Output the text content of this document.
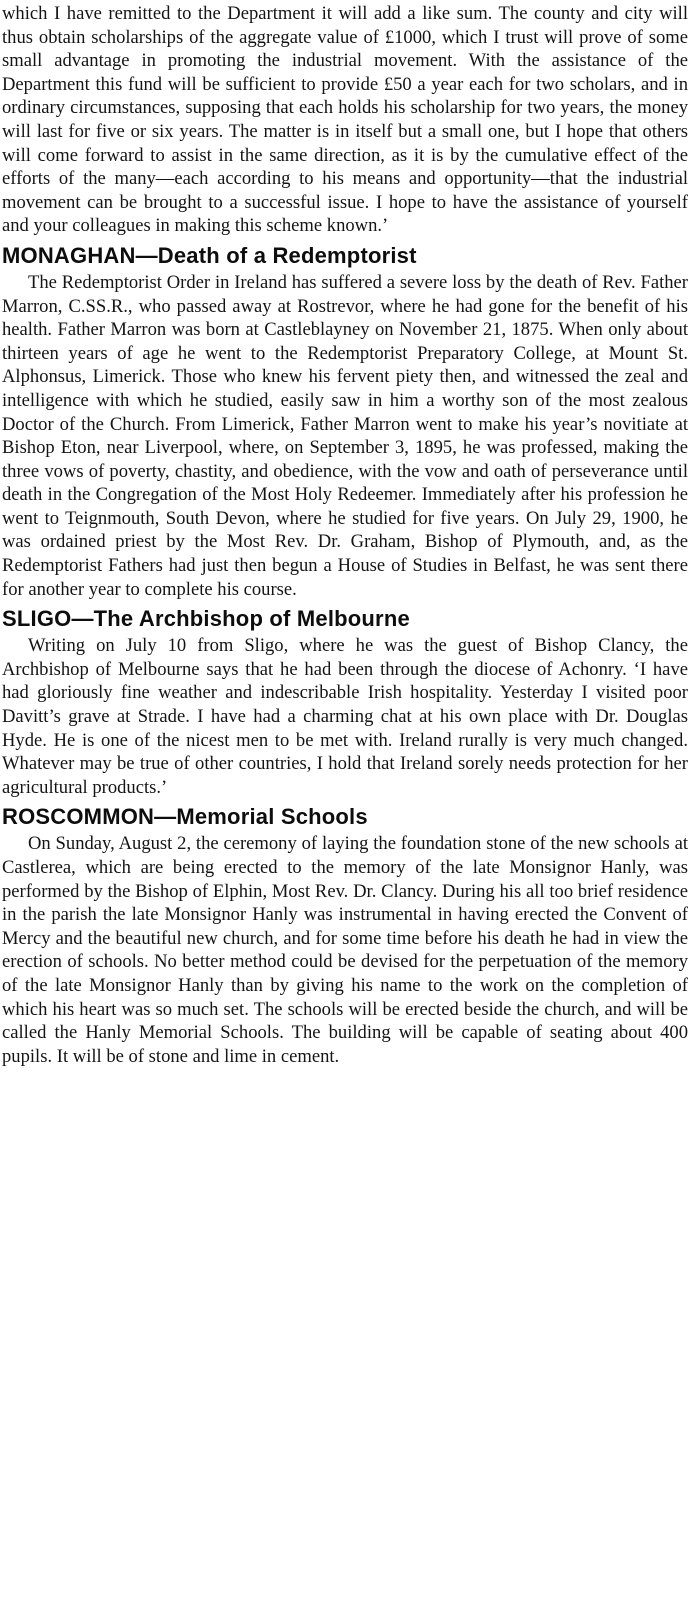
which I have remitted to the Department it will add a like sum. The county and city will thus obtain scholarships of the aggregate value of £1000, which I trust will prove of some small advantage in promoting the industrial movement. With the assistance of the Department this fund will be sufficient to provide £50 a year each for two scholars, and in ordinary circumstances, supposing that each holds his scholarship for two years, the money will last for five or six years. The matter is in itself but a small one, but I hope that others will come forward to assist in the same direction, as it is by the cumulative effect of the efforts of the many—each according to his means and opportunity—that the industrial movement can be brought to a successful issue. I hope to have the assistance of yourself and your colleagues in making this scheme known.’

MONAGHAN—Death of a Redemptorist

The Redemptorist Order in Ireland has suffered a severe loss by the death of Rev. Father Marron, C.SS.R., who passed away at Rostrevor, where he had gone for the benefit of his health. Father Marron was born at Castleblayney on November 21, 1875. When only about thirteen years of age he went to the Redemptorist Preparatory College, at Mount St. Alphonsus, Limerick. Those who knew his fervent piety then, and witnessed the zeal and intelligence with which he studied, easily saw in him a worthy son of the most zealous Doctor of the Church. From Limerick, Father Marron went to make his year’s novitiate at Bishop Eton, near Liverpool, where, on September 3, 1895, he was professed, making the three vows of poverty, chastity, and obedience, with the vow and oath of perseverance until death in the Congregation of the Most Holy Redeemer. Immediately after his profession he went to Teignmouth, South Devon, where he studied for five years. On July 29, 1900, he was ordained priest by the Most Rev. Dr. Graham, Bishop of Plymouth, and, as the Redemptorist Fathers had just then begun a House of Studies in Belfast, he was sent there for another year to complete his course.

SLIGO—The Archbishop of Melbourne

Writing on July 10 from Sligo, where he was the guest of Bishop Clancy, the Archbishop of Melbourne says that he had been through the diocese of Achonry. ‘I have had gloriously fine weather and indescribable Irish hospitality. Yesterday I visited poor Davitt’s grave at Strade. I have had a charming chat at his own place with Dr. Douglas Hyde. He is one of the nicest men to be met with. Ireland rurally is very much changed. Whatever may be true of other countries, I hold that Ireland sorely needs protection for her agricultural products.’

ROSCOMMON—Memorial Schools

On Sunday, August 2, the ceremony of laying the foundation stone of the new schools at Castlerea, which are being erected to the memory of the late Monsignor Hanly, was performed by the Bishop of Elphin, Most Rev. Dr. Clancy. During his all too brief residence in the parish the late Monsignor Hanly was instrumental in having erected the Convent of Mercy and the beautiful new church, and for some time before his death he had in view the erection of schools. No better method could be devised for the perpetuation of the memory of the late Monsignor Hanly than by giving his name to the work on the completion of which his heart was so much set. The schools will be erected beside the church, and will be called the Hanly Memorial Schools. The building will be capable of seating about 400 pupils. It will be of stone and lime in cement.
